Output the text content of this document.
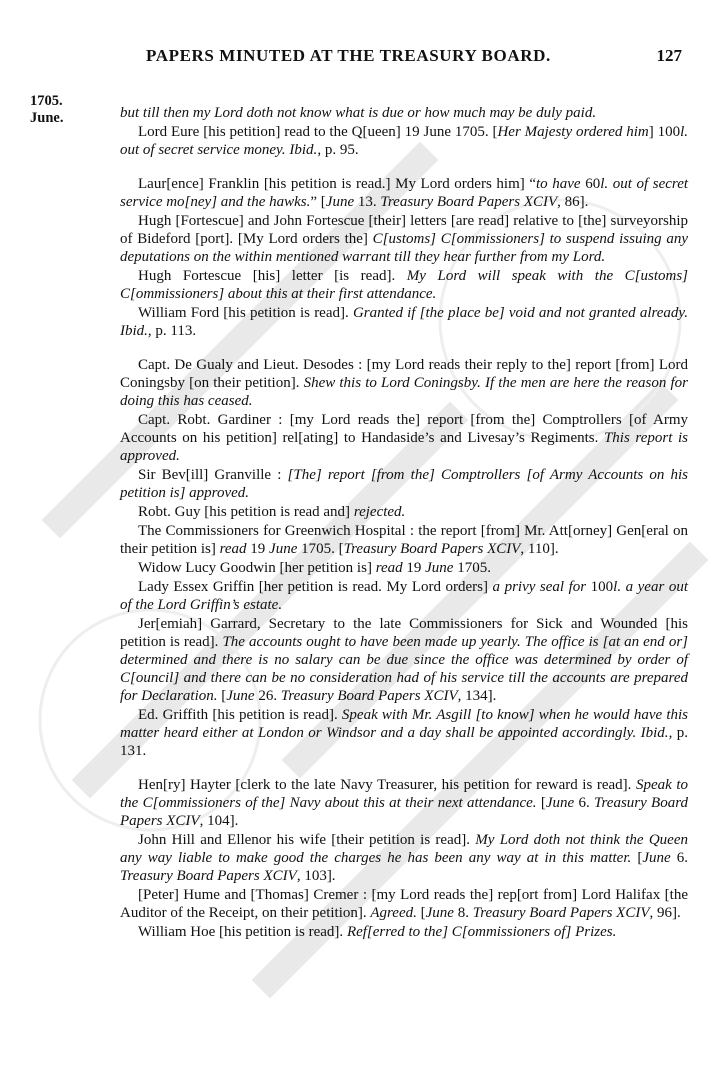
PAPERS MINUTED AT THE TREASURY BOARD.	127
1705.
June.	but till then my Lord doth not know what is due or how much may be duly paid.

Lord Eure [his petition] read to the Q[ueen] 19 June 1705. [Her Majesty ordered him] 100l. out of secret service money. Ibid., p. 95.

Laur[ence] Franklin [his petition is read.] My Lord orders him] “to have 60l. out of secret service mo[ney] and the hawks.” [June 13. Treasury Board Papers XCIV, 86].

Hugh [Fortescue] and John Fortescue [their] letters [are read] relative to [the] surveyorship of Bideford [port]. [My Lord orders the] C[ustoms] C[ommissioners] to suspend issuing any deputations on the within mentioned warrant till they hear further from my Lord.

Hugh Fortescue [his] letter [is read]. My Lord will speak with the C[ustoms] C[ommissioners] about this at their first attendance.

William Ford [his petition is read]. Granted if [the place be] void and not granted already. Ibid., p. 113.

Capt. De Gualy and Lieut. Desodes : [my Lord reads their reply to the] report [from] Lord Coningsby [on their petition]. Shew this to Lord Coningsby. If the men are here the reason for doing this has ceased.

Capt. Robt. Gardiner : [my Lord reads the] report [from the] Comptrollers [of Army Accounts on his petition] rel[ating] to Handaside’s and Livesay’s Regiments. This report is approved.

Sir Bev[ill] Granville : [The] report [from the] Comptrollers [of Army Accounts on his petition is] approved.

Robt. Guy [his petition is read and] rejected.

The Commissioners for Greenwich Hospital : the report [from] Mr. Att[orney] Gen[eral on their petition is] read 19 June 1705. [Treasury Board Papers XCIV, 110].

Widow Lucy Goodwin [her petition is] read 19 June 1705.

Lady Essex Griffin [her petition is read. My Lord orders] a privy seal for 100l. a year out of the Lord Griffin’s estate.

Jer[emiah] Garrard, Secretary to the late Commissioners for Sick and Wounded [his petition is read]. The accounts ought to have been made up yearly. The office is [at an end or] determined and there is no salary can be due since the office was determined by order of C[ouncil] and there can be no consideration had of his service till the accounts are prepared for Declaration. [June 26. Treasury Board Papers XCIV, 134].

Ed. Griffith [his petition is read]. Speak with Mr. Asgill [to know] when he would have this matter heard either at London or Windsor and a day shall be appointed accordingly. Ibid., p. 131.

Hen[ry] Hayter [clerk to the late Navy Treasurer, his petition for reward is read]. Speak to the C[ommissioners of the] Navy about this at their next attendance. [June 6. Treasury Board Papers XCIV, 104].

John Hill and Ellenor his wife [their petition is read]. My Lord doth not think the Queen any way liable to make good the charges he has been any way at in this matter. [June 6. Treasury Board Papers XCIV, 103].

[Peter] Hume and [Thomas] Cremer : [my Lord reads the] rep[ort from] Lord Halifax [the Auditor of the Receipt, on their petition]. Agreed. [June 8. Treasury Board Papers XCIV, 96].

William Hoe [his petition is read]. Ref[erred to the] C[ommissioners of] Prizes.
